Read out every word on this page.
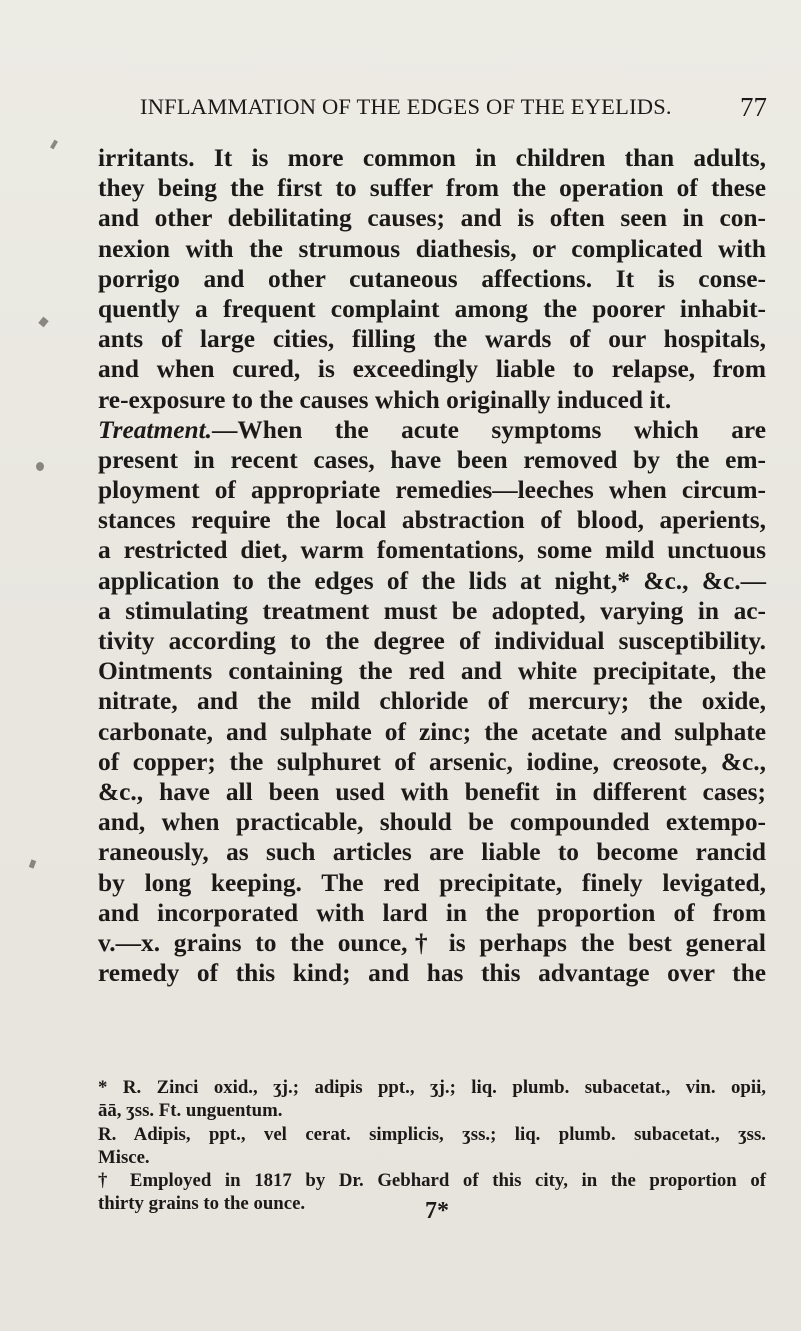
INFLAMMATION OF THE EDGES OF THE EYELIDS.	77
irritants. It is more common in children than adults,
they being the first to suffer from the operation of these
and other debilitating causes; and is often seen in con-
nexion with the strumous diathesis, or complicated with
porrigo and other cutaneous affections. It is conse-
quently a frequent complaint among the poorer inhabit-
ants of large cities, filling the wards of our hospitals,
and when cured, is exceedingly liable to relapse, from
re-exposure to the causes which originally induced it.
Treatment.—When the acute symptoms which are
present in recent cases, have been removed by the em-
ployment of appropriate remedies—leeches when circum-
stances require the local abstraction of blood, aperients,
a restricted diet, warm fomentations, some mild unctuous
application to the edges of the lids at night,* &c., &c.—
a stimulating treatment must be adopted, varying in ac-
tivity according to the degree of individual susceptibility.
Ointments containing the red and white precipitate, the
nitrate, and the mild chloride of mercury; the oxide,
carbonate, and sulphate of zinc; the acetate and sulphate
of copper; the sulphuret of arsenic, iodine, creosote, &c.,
&c., have all been used with benefit in different cases;
and, when practicable, should be compounded extempo-
raneously, as such articles are liable to become rancid
by long keeping. The red precipitate, finely levigated,
and incorporated with lard in the proportion of from
v.—x. grains to the ounce,† is perhaps the best general
remedy of this kind; and has this advantage over the
* R. Zinci oxid., ʒj.; adipis ppt., ʒj.; liq. plumb. subacetat., vin. opii,
āā, ʒss. Ft. unguentum.
R. Adipis, ppt., vel cerat. simplicis, ʒss.; liq. plumb. subacetat., ʒss.
Misce.
† Employed in 1817 by Dr. Gebhard of this city, in the proportion of
thirty grains to the ounce.	7*
